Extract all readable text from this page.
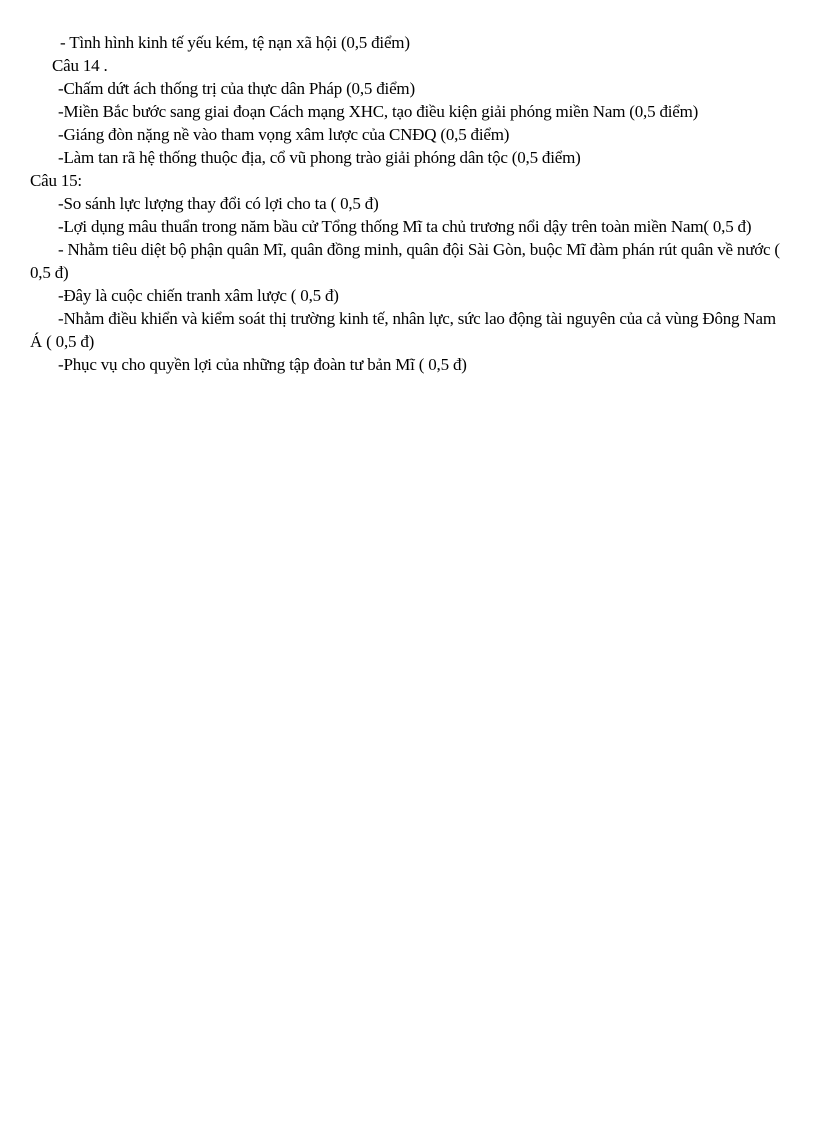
- Tình hình kinh tế yếu kém, tệ nạn xã hội (0,5 điểm)
Câu 14 .
-Chấm dứt ách thống trị của thực dân Pháp (0,5 điểm)
-Miền Bắc bước sang giai đoạn Cách mạng XHC, tạo điều kiện giải phóng miền Nam (0,5 điểm)
-Giáng đòn nặng nề vào tham vọng xâm lược của CNĐQ (0,5 điểm)
-Làm tan rã hệ thống thuộc địa, cổ vũ phong trào giải phóng dân tộc (0,5 điểm)
Câu 15:
-So sánh lực lượng thay đổi có lợi cho ta ( 0,5 đ)
-Lợi dụng mâu thuẩn trong năm bầu cử Tổng thống Mĩ ta chủ trương nổi dậy trên toàn miền Nam( 0,5 đ)
- Nhằm tiêu diệt bộ phận quân Mĩ, quân đồng minh, quân đội Sài Gòn, buộc Mĩ đàm phán rút quân về nước ( 0,5 đ)
-Đây là cuộc chiến tranh xâm lược ( 0,5 đ)
-Nhằm điều khiển và kiểm soát thị trường kinh tế, nhân lực, sức lao động tài nguyên của cả vùng Đông Nam Á ( 0,5 đ)
-Phục vụ cho quyền lợi của những tập đoàn tư bản Mĩ ( 0,5 đ)
